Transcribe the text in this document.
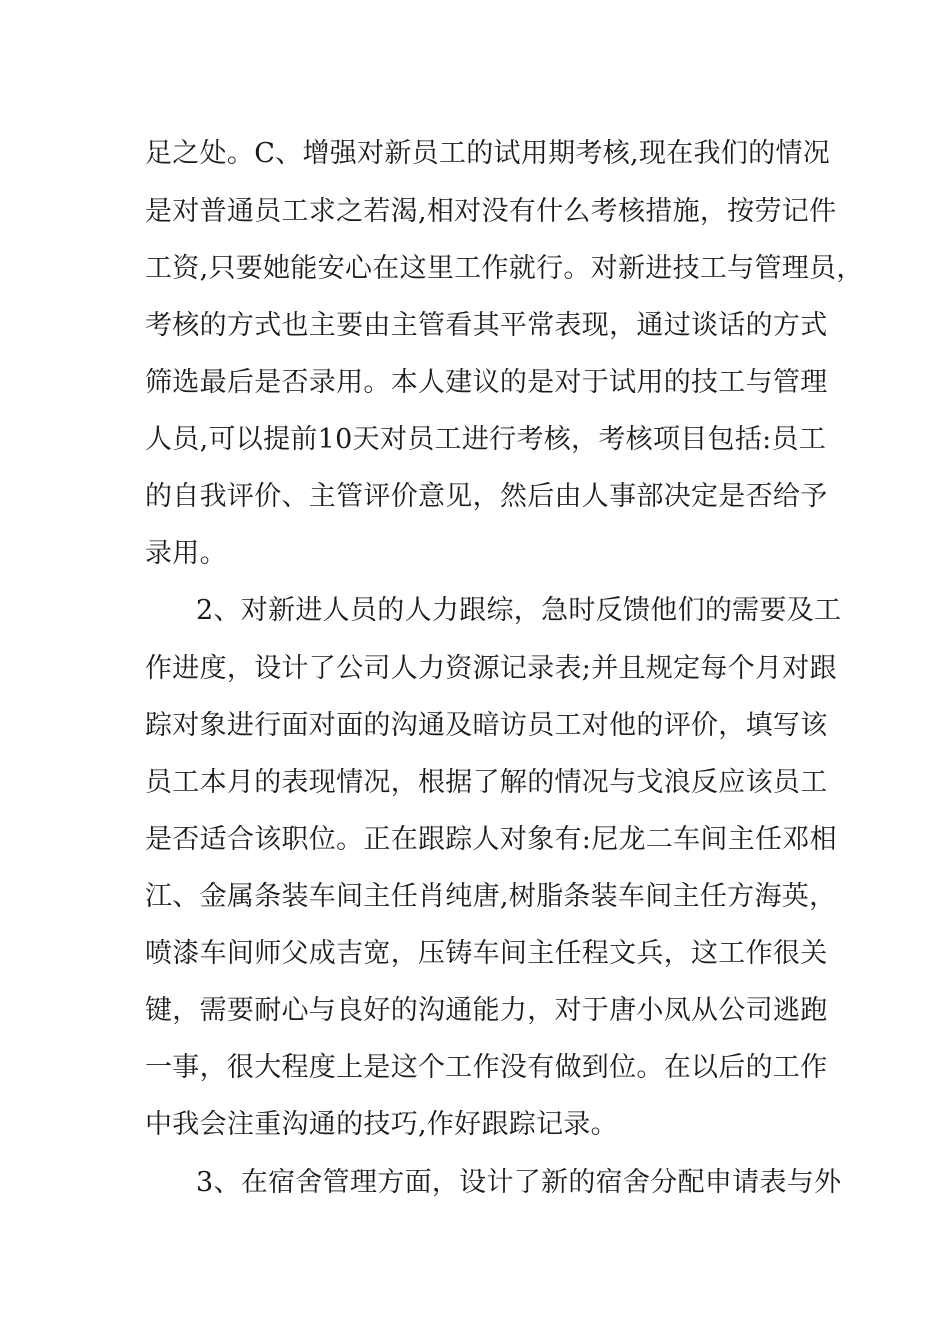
足之处。C、增强对新员工的试用期考核,现在我们的情况
是对普通员工求之若渴,相对没有什么考核措施，按劳记件
工资,只要她能安心在这里工作就行。对新进技工与管理员，
考核的方式也主要由主管看其平常表现，通过谈话的方式
筛选最后是否录用。本人建议的是对于试用的技工与管理
人员,可以提前10天对员工进行考核，考核项目包括:员工
的自我评价、主管评价意见，然后由人事部决定是否给予
录用。
2、对新进人员的人力跟综，急时反馈他们的需要及工
作进度，设计了公司人力资源记录表;并且规定每个月对跟
踪对象进行面对面的沟通及暗访员工对他的评价，填写该
员工本月的表现情况，根据了解的情况与戈浪反应该员工
是否适合该职位。正在跟踪人对象有:尼龙二车间主任邓相
江、金属条装车间主任肖纯唐,树脂条装车间主任方海英，
喷漆车间师父成吉宽，压铸车间主任程文兵，这工作很关
键，需要耐心与良好的沟通能力，对于唐小凤从公司逃跑
一事，很大程度上是这个工作没有做到位。在以后的工作
中我会注重沟通的技巧,作好跟踪记录。
3、在宿舍管理方面，设计了新的宿舍分配申请表与外
